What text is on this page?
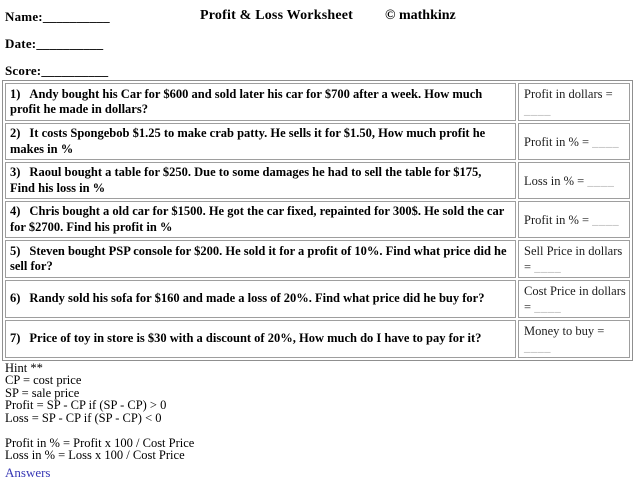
Name:__________
Date:__________
Score:__________
Profit & Loss Worksheet © mathkinz
1) Andy bought his Car for $600 and sold later his car for $700 after a week. How much profit he made in dollars?	Profit in dollars = ____
2) It costs Spongebob $1.25 to make crab patty. He sells it for $1.50, How much profit he makes in %	Profit in % = ____
3) Raoul bought a table for $250. Due to some damages he had to sell the table for $175, Find his loss in %	Loss in % = ____
4) Chris bought a old car for $1500. He got the car fixed, repainted for 300$. He sold the car for $2700. Find his profit in %	Profit in % = ____
5) Steven bought PSP console for $200. He sold it for a profit of 10%. Find what price did he sell for?	Sell Price in dollars = ____
6) Randy sold his sofa for $160 and made a loss of 20%. Find what price did he buy for?	Cost Price in dollars = ____
7) Price of toy in store is $30 with a discount of 20%, How much do I have to pay for it?	Money to buy = ____
Hint **
CP = cost price
SP = sale price
Profit = SP - CP if (SP - CP) > 0
Loss = SP - CP if (SP - CP) < 0
Profit in % = Profit x 100 / Cost Price
Loss in % = Loss x 100 / Cost Price
Answers
